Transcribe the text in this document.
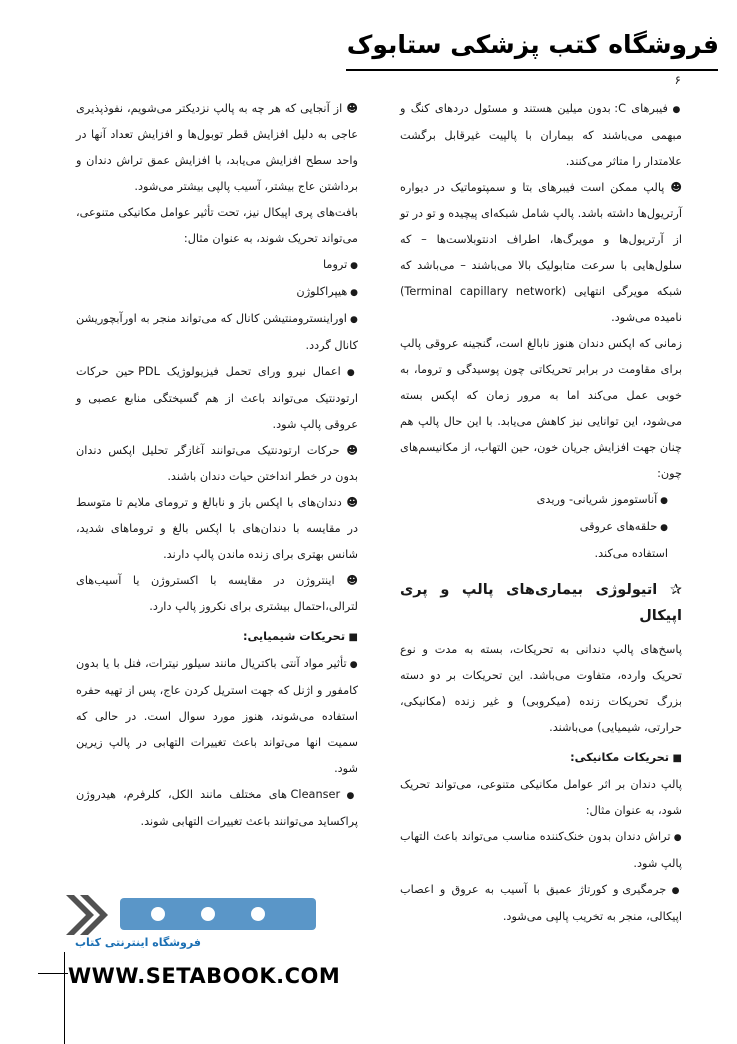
فروشگاه کتب پزشکی ستابوک
۶

● فیبرهای C: بدون میلین هستند و مسئول دردهای کنگ و مبهمی می‌باشند که بیماران با پالپیت غیرقابل برگشت علامتدار را متاثر می‌کنند.

☻ پالپ ممکن است فیبرهای بتا و سمپتوماتیک در دیواره آرتریول‌ها داشته باشد. پالپ شامل شبکه‌ای پیچیده و تو در تو از آرتریول‌ها و مویرگ‌ها، اطراف ادنتوبلاست‌ها – که سلول‌هایی با سرعت متابولیک بالا می‌باشند – می‌باشد که شبکه مویرگی انتهایی (Terminal capillary network) نامیده می‌شود.

زمانی که اپکس دندان هنوز نابالغ است، گنجینه عروقی پالپ برای مقاومت در برابر تحریکاتی چون پوسیدگی و تروما، به خوبی عمل می‌کند اما به مرور زمان که اپکس بسته می‌شود، این توانایی نیز کاهش می‌یابد. با این حال پالپ هم چنان جهت افزایش جریان خون، حین التهاب، از مکانیسم‌های چون:

● آناستوموز شریانی- وریدی

● حلقه‌های عروقی

استفاده می‌کند.

✰ اتیولوژی بیماری‌های پالپ و پری اپیکال

پاسخ‌های پالپ دندانی به تحریکات، بسته به مدت و نوع تحریک وارده، متفاوت می‌باشد. این تحریکات بر دو دسته بزرگ تحریکات زنده (میکروبی) و غیر زنده (مکانیکی، حرارتی، شیمیایی) می‌باشند.

■ تحریکات مکانیکی:

پالپ دندان بر اثر عوامل مکانیکی متنوعی، می‌تواند تحریک شود، به عنوان مثال:

● تراش دندان بدون خنک‌کننده مناسب می‌تواند باعث التهاب پالپ شود.

● جرمگیری و کورتاژ عمیق با آسیب به عروق و اعصاب اپیکالی، منجر به تخریب پالپی می‌شود.

☻ از آنجایی که هر چه به پالپ نزدیکتر می‌شویم، نفوذپذیری عاجی به دلیل افزایش قطر توبول‌ها و افزایش تعداد آنها در واحد سطح افزایش می‌یابد، با افزایش عمق تراش دندان و برداشتن عاج بیشتر، آسیب پالپی بیشتر می‌شود.

بافت‌های پری اپیکال نیز، تحت تأثیر عوامل مکانیکی متنوعی، می‌تواند تحریک شوند، به عنوان مثال:

● تروما

● هیپراکلوژن

● اوراینسترومنتیشن کانال که می‌تواند منجر به اورآبچوریشن کانال گردد.

● اعمال نیرو ورای تحمل فیزیولوژیک PDL حین حرکات ارتودنتیک می‌تواند باعث از هم گسیختگی منابع عصبی و عروقی پالپ شود.

☻ حرکات ارتودنتیک می‌توانند آغازگر تحلیل اپکس دندان بدون در خطر انداختن حیات دندان باشند.

☻ دندان‌های با اپکس باز و نابالغ و ترومای ملایم تا متوسط در مقایسه با دندان‌های با اپکس بالغ و تروماهای شدید، شانس بهتری برای زنده ماندن پالپ دارند.

☻ اینتروژن در مقایسه با اکستروژن یا آسیب‌های لترالی،احتمال بیشتری برای نکروز پالپ دارد.

■ تحریکات شیمیایی:

● تأثیر مواد آنتی باکتریال مانند سیلور نیترات، فنل با یا بدون کامفور و اژنل که جهت استریل کردن عاج، پس از تهیه حفره استفاده می‌شوند، هنوز مورد سوال است. در حالی که سمیت انها می‌تواند باعث تغییرات التهابی در پالپ زیرین شود.

● Cleanser های مختلف مانند الکل، کلرفرم، هیدروژن پراکساید می‌توانند باعث تغییرات التهابی شوند.

فروشگاه اینترنتی کتاب
WWW.SETABOOK.COM
